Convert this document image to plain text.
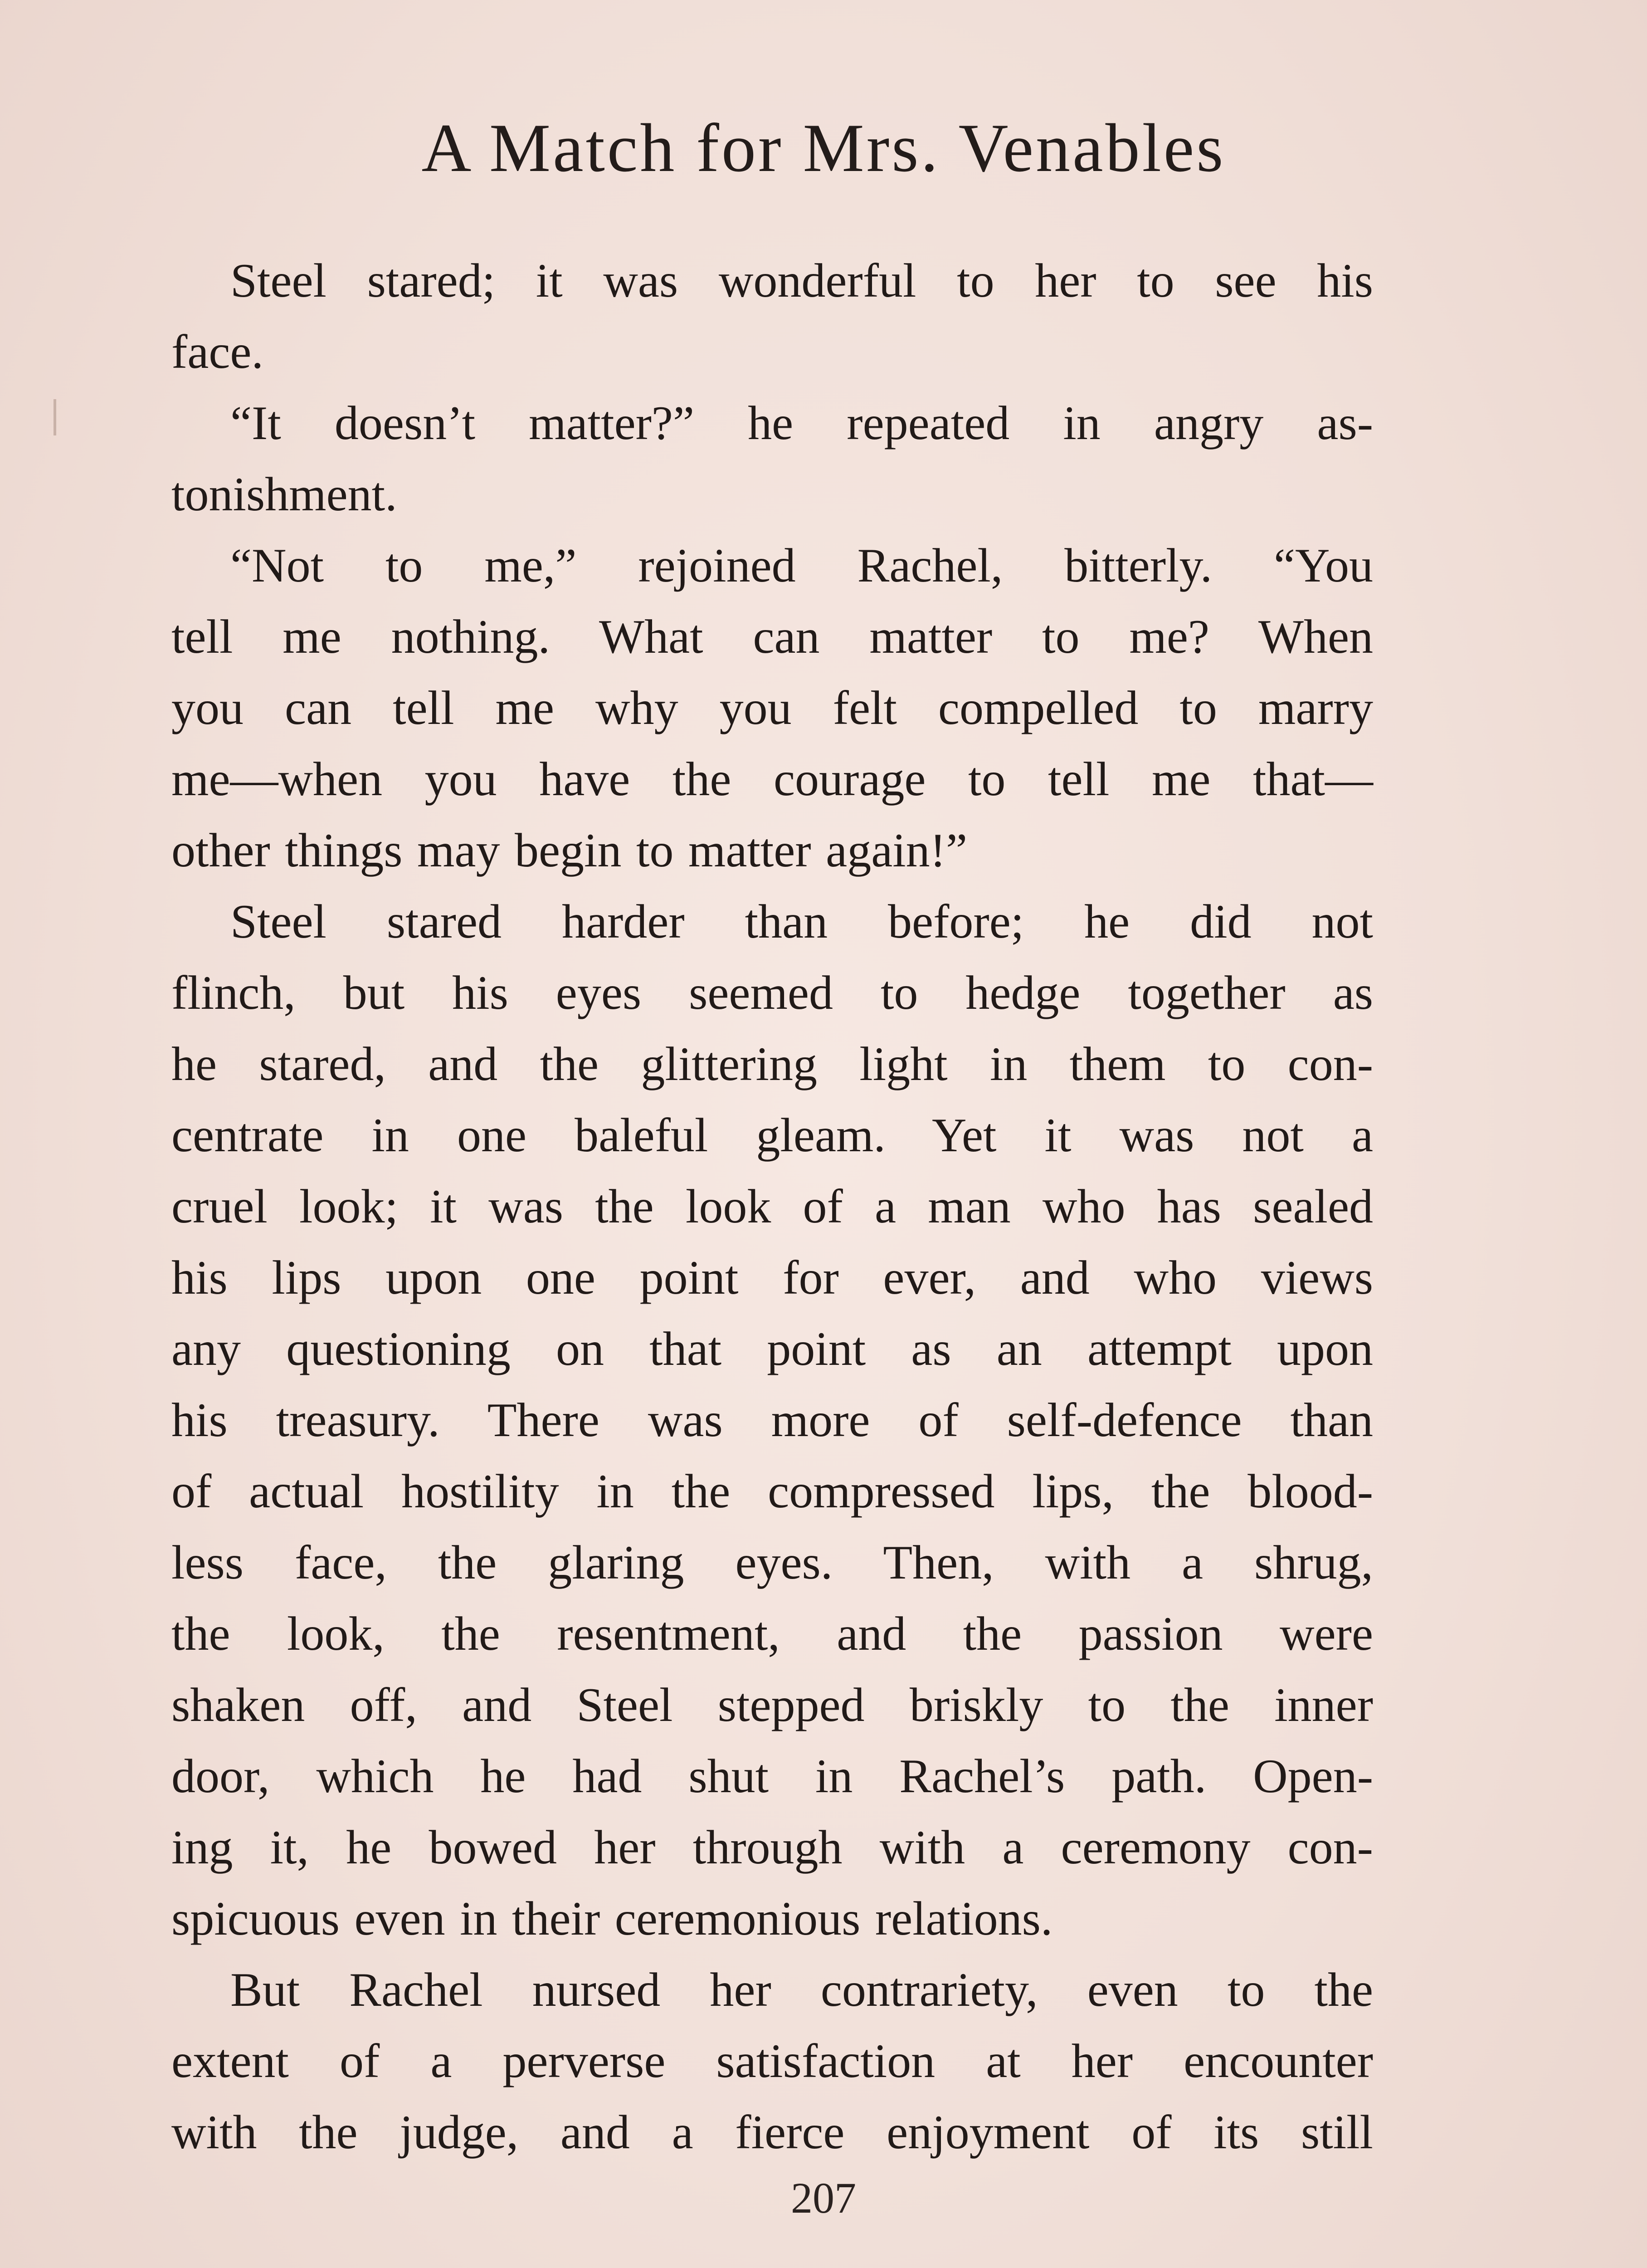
A Match for Mrs. Venables
Steel stared; it was wonderful to her to see his
face.
“It doesn’t matter?” he repeated in angry as-
tonishment.
“Not to me,” rejoined Rachel, bitterly. “You
tell me nothing. What can matter to me? When
you can tell me why you felt compelled to marry
me—when you have the courage to tell me that—
other things may begin to matter again!”
Steel stared harder than before; he did not
flinch, but his eyes seemed to hedge together as
he stared, and the glittering light in them to con-
centrate in one baleful gleam. Yet it was not a
cruel look; it was the look of a man who has sealed
his lips upon one point for ever, and who views
any questioning on that point as an attempt upon
his treasury. There was more of self-defence than
of actual hostility in the compressed lips, the blood-
less face, the glaring eyes. Then, with a shrug,
the look, the resentment, and the passion were
shaken off, and Steel stepped briskly to the inner
door, which he had shut in Rachel’s path. Open-
ing it, he bowed her through with a ceremony con-
spicuous even in their ceremonious relations.
But Rachel nursed her contrariety, even to the
extent of a perverse satisfaction at her encounter
with the judge, and a fierce enjoyment of its still
207
